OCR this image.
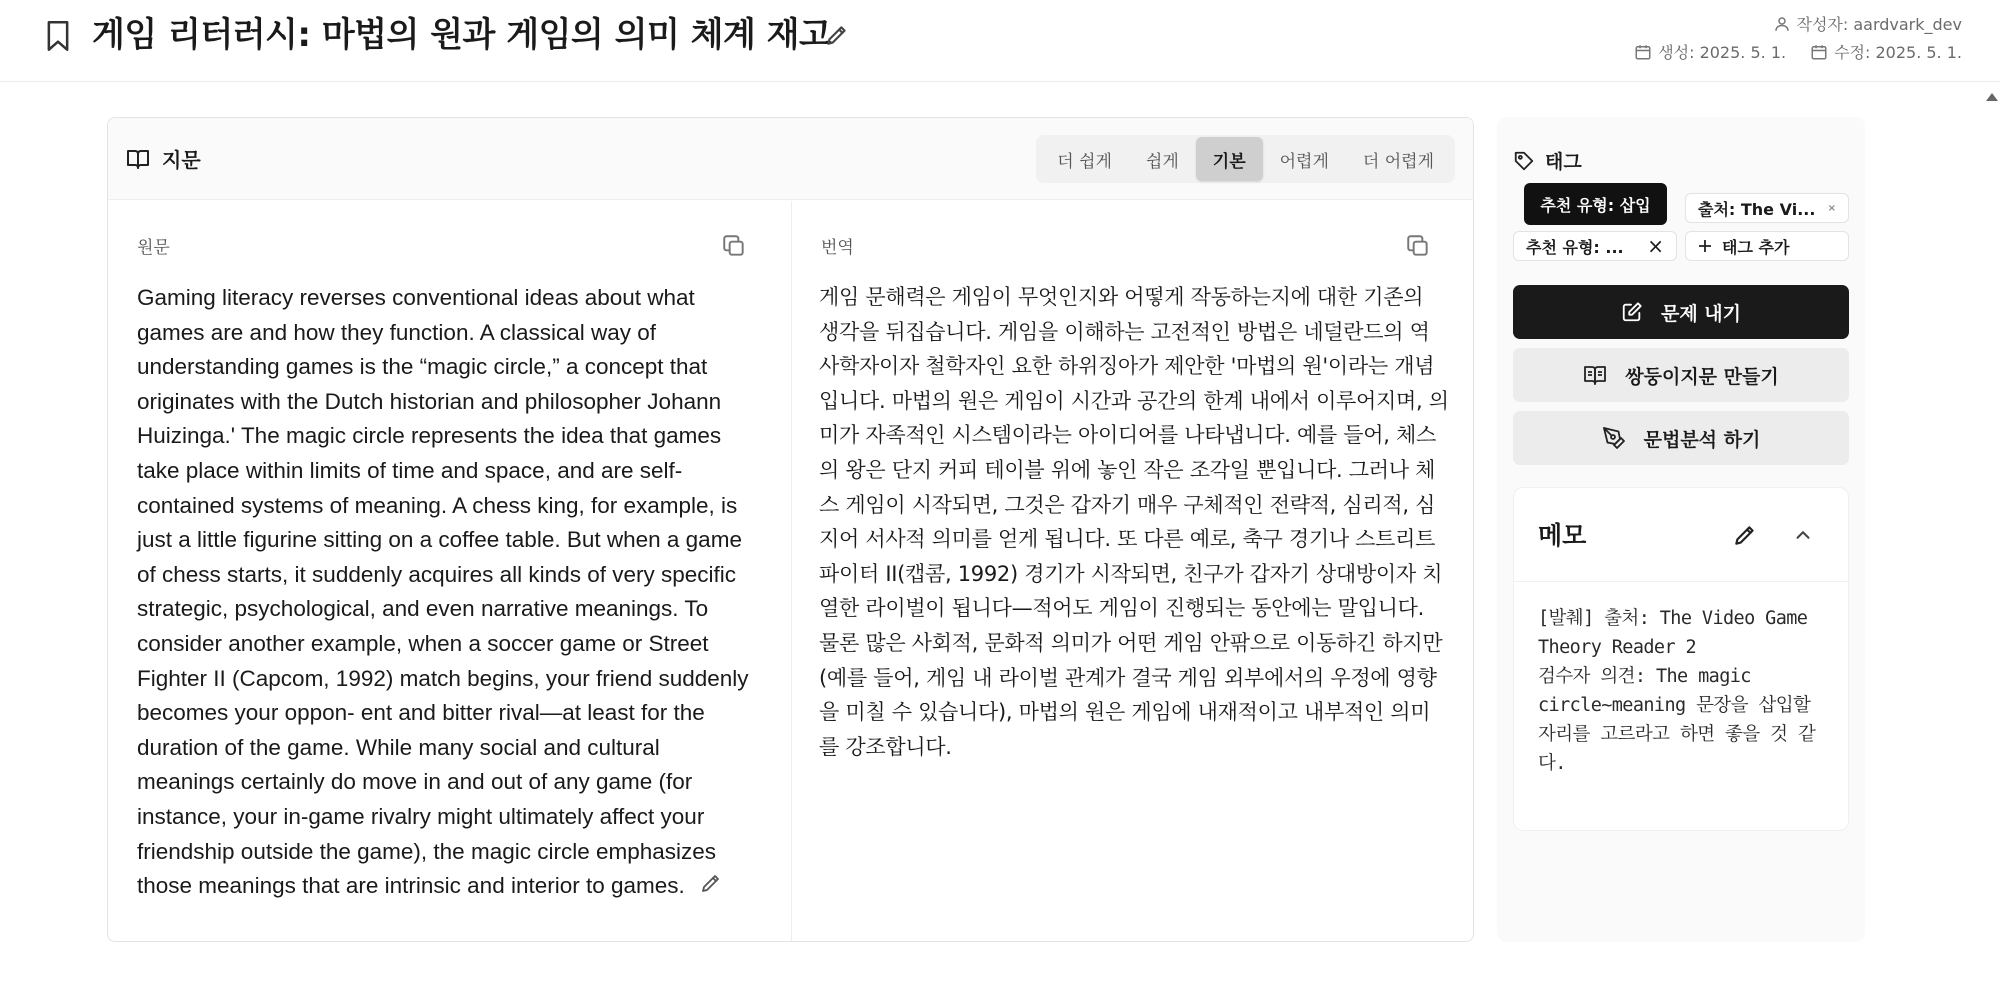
게임 리터러시: 마법의 원과 게임의 의미 체계 재고	작성자: aardvark_dev
생성: 2025. 5. 1.	수정: 2025. 5. 1.
지문	더 쉽게	쉽게	기본	어렵게	더 어렵게
원문
Gaming literacy reverses conventional ideas about what games are and how they function. A classical way of understanding games is the “magic circle,” a concept that originates with the Dutch historian and philosopher Johann Huizinga.' The magic circle represents the idea that games take place within limits of time and space, and are self-contained systems of meaning. A chess king, for example, is just a little figurine sitting on a coffee table. But when a game of chess starts, it suddenly acquires all kinds of very specific strategic, psychological, and even narrative meanings. To consider another example, when a soccer game or Street Fighter II (Capcom, 1992) match begins, your friend suddenly becomes your oppon- ent and bitter rival—at least for the duration of the game. While many social and cultural meanings certainly do move in and out of any game (for instance, your in-game rivalry might ultimately affect your friendship outside the game), the magic circle emphasizes those meanings that are intrinsic and interior to games.
번역
게임 문해력은 게임이 무엇인지와 어떻게 작동하는지에 대한 기존의 생각을 뒤집습니다. 게임을 이해하는 고전적인 방법은 네덜란드의 역사학자이자 철학자인 요한 하위징아가 제안한 '마법의 원'이라는 개념입니다. 마법의 원은 게임이 시간과 공간의 한계 내에서 이루어지며, 의미가 자족적인 시스템이라는 아이디어를 나타냅니다. 예를 들어, 체스의 왕은 단지 커피 테이블 위에 놓인 작은 조각일 뿐입니다. 그러나 체스 게임이 시작되면, 그것은 갑자기 매우 구체적인 전략적, 심리적, 심지어 서사적 의미를 얻게 됩니다. 또 다른 예로, 축구 경기나 스트리트 파이터 II(캡콤, 1992) 경기가 시작되면, 친구가 갑자기 상대방이자 치열한 라이벌이 됩니다—적어도 게임이 진행되는 동안에는 말입니다. 물론 많은 사회적, 문화적 의미가 어떤 게임 안팎으로 이동하긴 하지만(예를 들어, 게임 내 라이벌 관계가 결국 게임 외부에서의 우정에 영향을 미칠 수 있습니다), 마법의 원은 게임에 내재적이고 내부적인 의미를 강조합니다.
태그
출처: The Vi... ×
추천 유형: ... ×	태그 추가
추천 유형: 삽입
문제 내기
쌍둥이지문 만들기
문법분석 하기
메모
[발췌] 출처: The Video Game Theory Reader 2
검수자 의견: The magic circle~meaning 문장을 삽입할 자리를 고르라고 하면 좋을 것 같다.
